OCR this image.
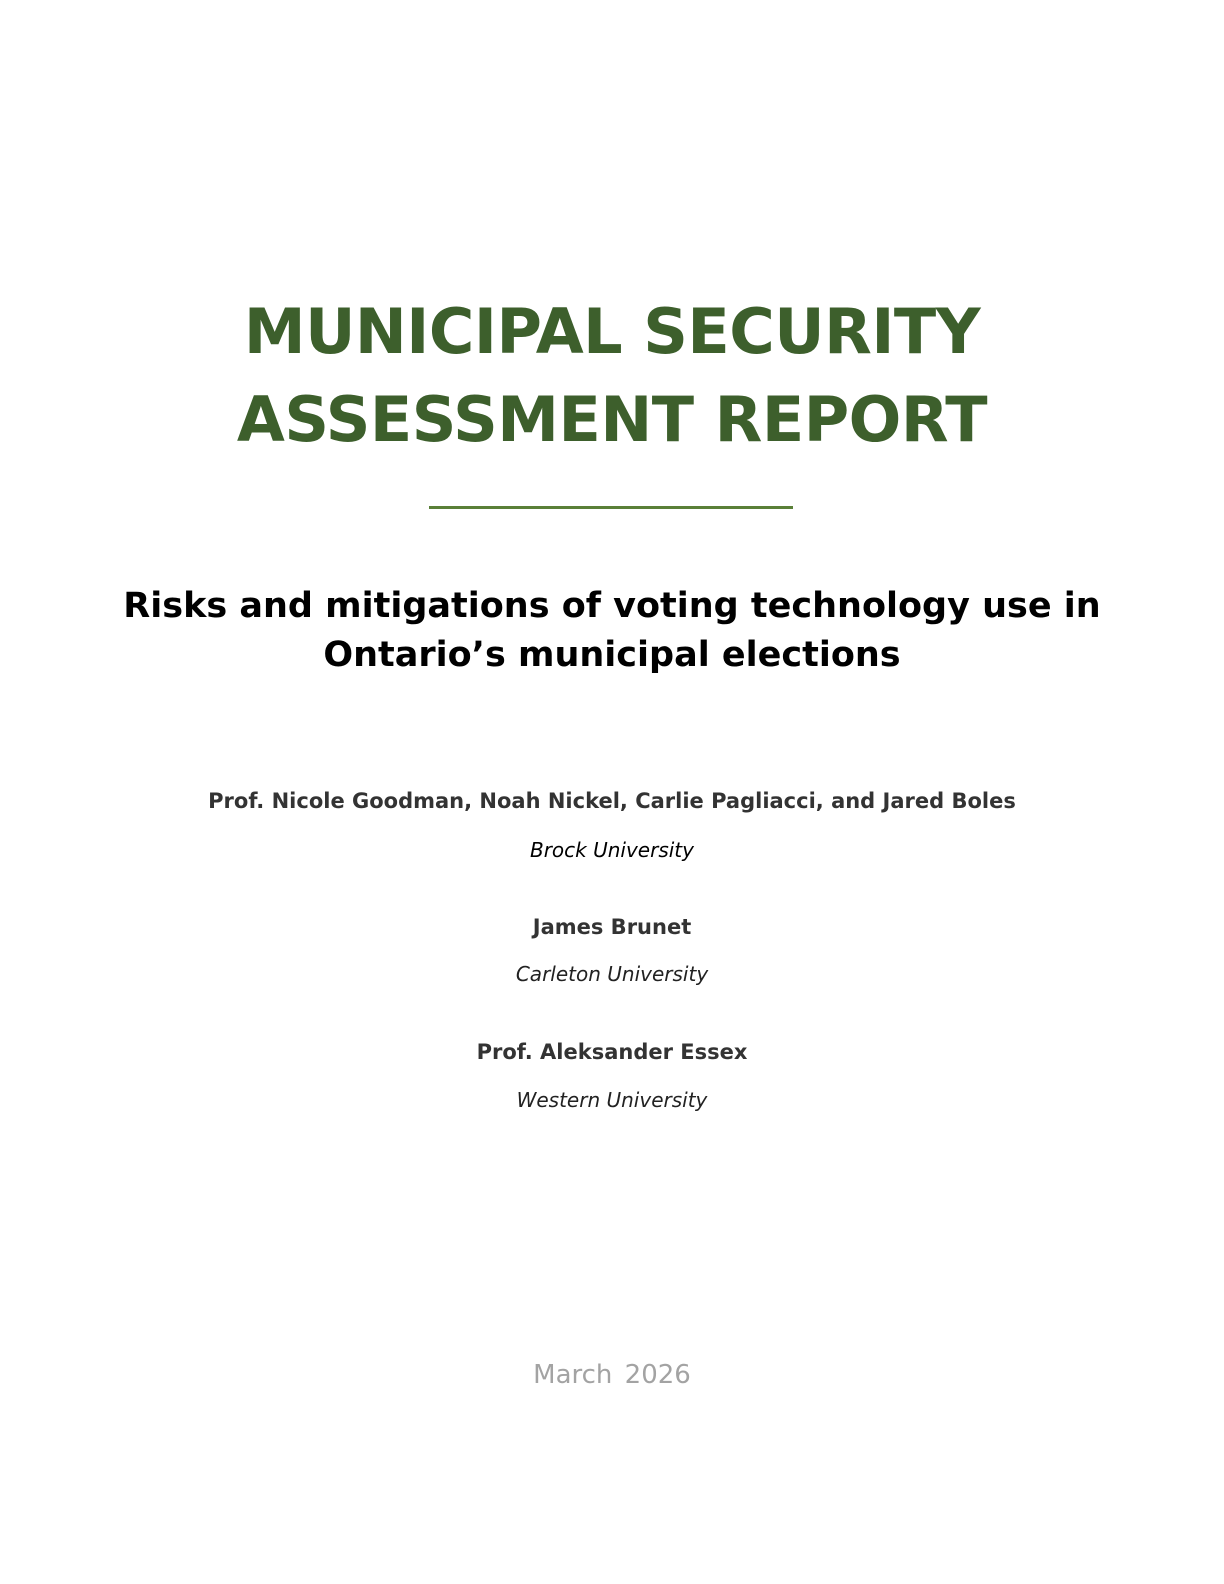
MUNICIPAL SECURITY
ASSESSMENT REPORT
Risks and mitigations of voting technology use in
Ontario’s municipal elections

Prof. Nicole Goodman, Noah Nickel, Carlie Pagliacci, and Jared Boles

Brock University

James Brunet

Carleton University

Prof. Aleksander Essex

Western University

March 2026
